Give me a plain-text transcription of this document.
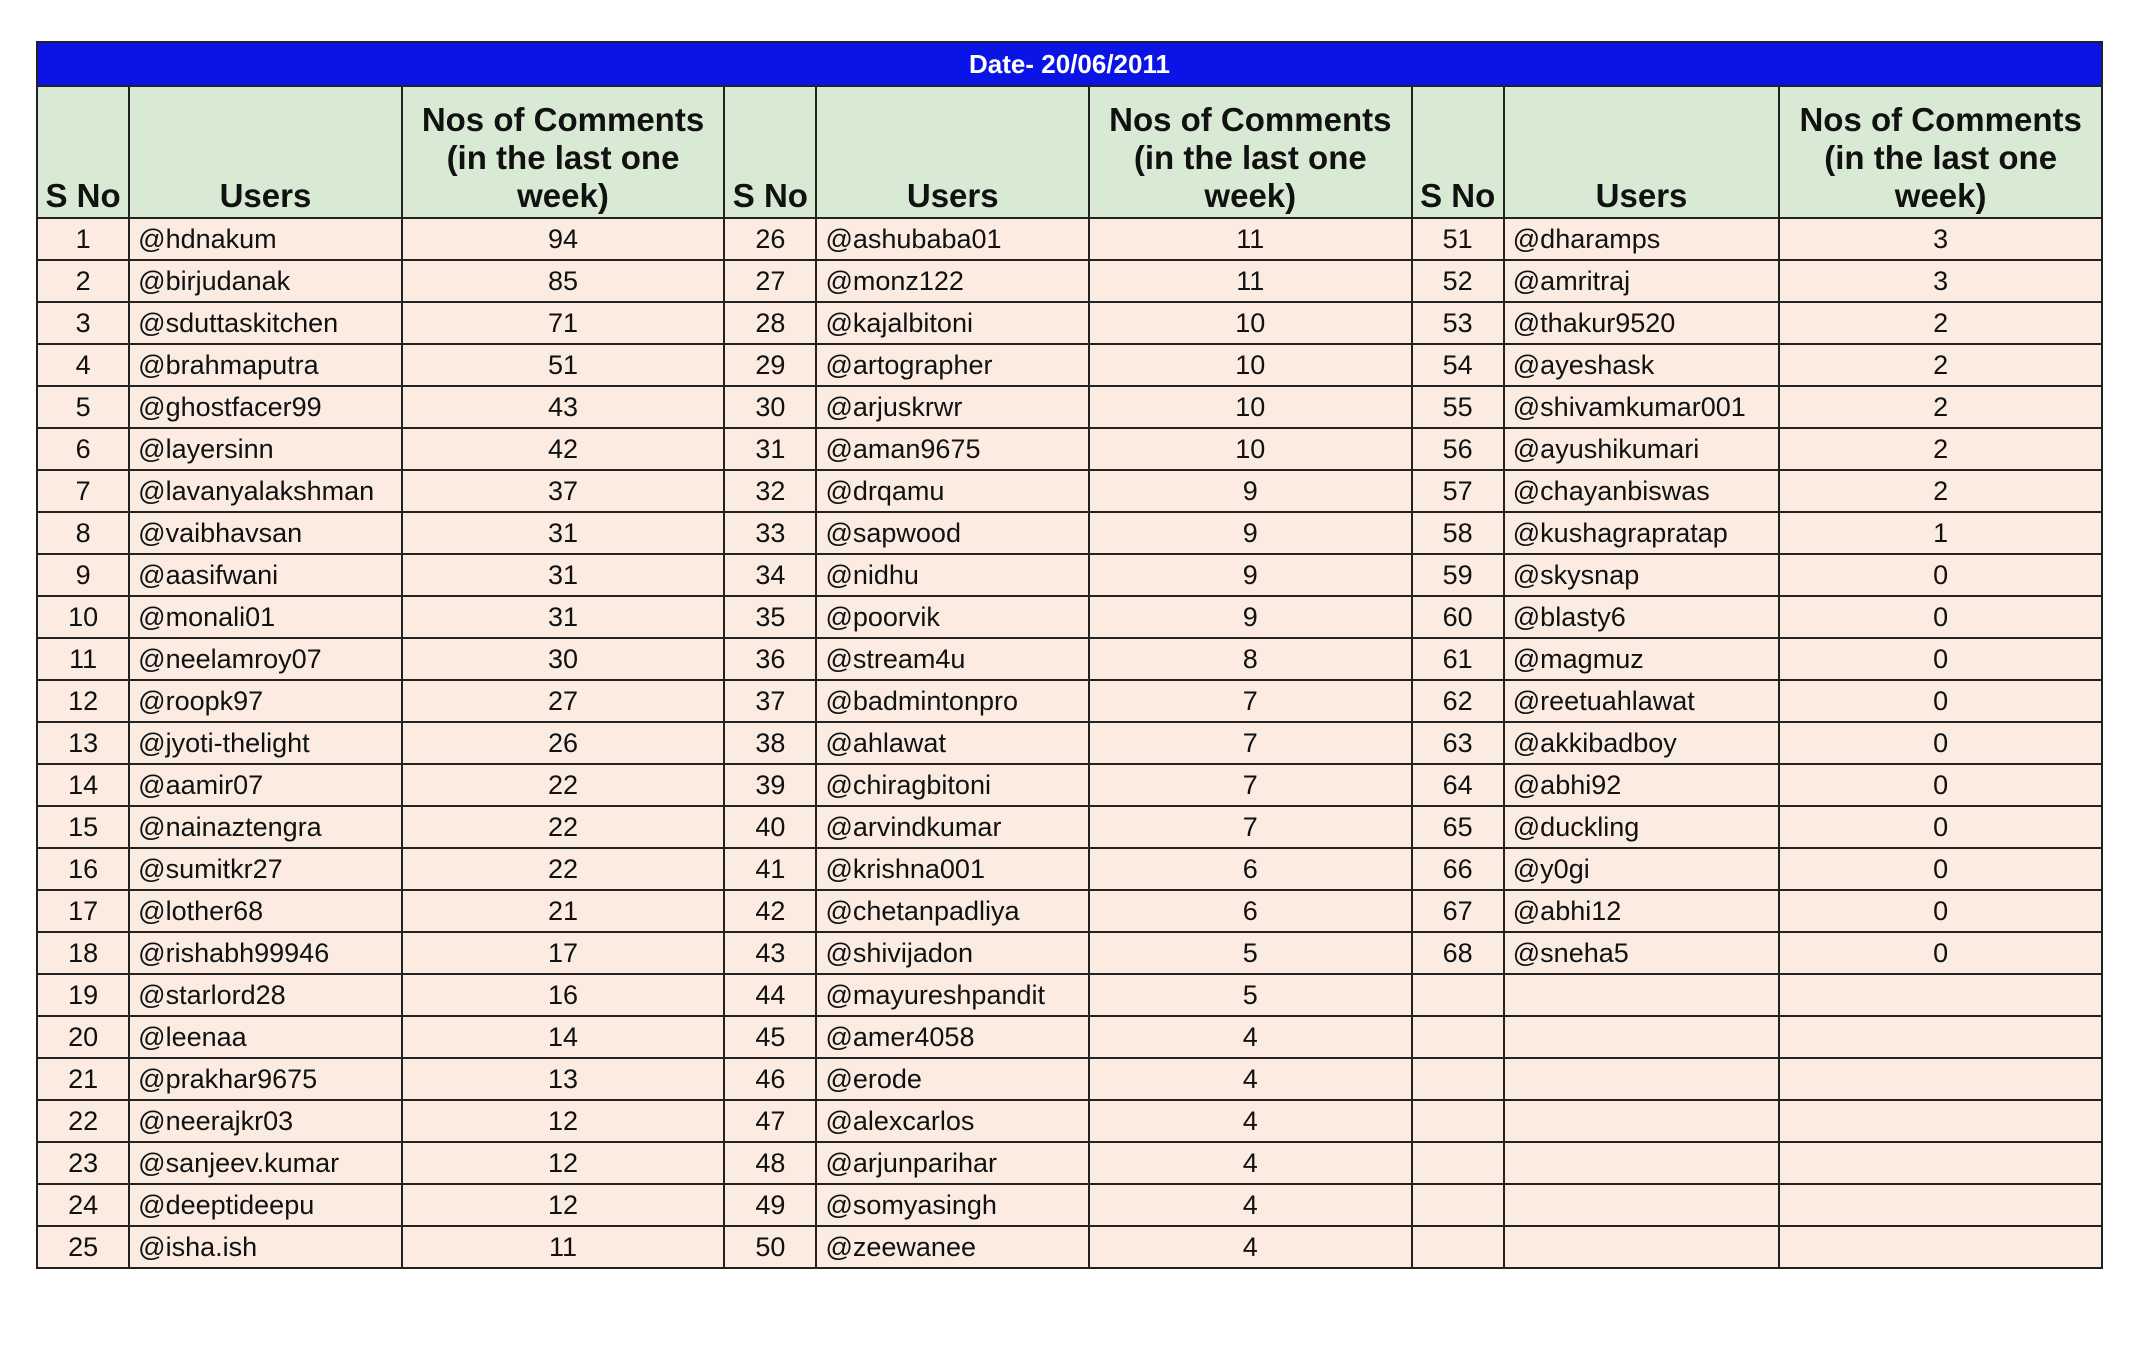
Date- 20/06/2011								
S No	Users	Nos of Comments (in the last one week)	S No	Users	Nos of Comments (in the last one week)	S No	Users	Nos of Comments (in the last one week)
1	@hdnakum	94	26	@ashubaba01	11	51	@dharamps	3
2	@birjudanak	85	27	@monz122	11	52	@amritraj	3
3	@sduttaskitchen	71	28	@kajalbitoni	10	53	@thakur9520	2
4	@brahmaputra	51	29	@artographer	10	54	@ayeshask	2
5	@ghostfacer99	43	30	@arjuskrwr	10	55	@shivamkumar001	2
6	@layersinn	42	31	@aman9675	10	56	@ayushikumari	2
7	@lavanyalakshman	37	32	@drqamu	9	57	@chayanbiswas	2
8	@vaibhavsan	31	33	@sapwood	9	58	@kushagrapratap	1
9	@aasifwani	31	34	@nidhu	9	59	@skysnap	0
10	@monali01	31	35	@poorvik	9	60	@blasty6	0
11	@neelamroy07	30	36	@stream4u	8	61	@magmuz	0
12	@roopk97	27	37	@badmintonpro	7	62	@reetuahlawat	0
13	@jyoti-thelight	26	38	@ahlawat	7	63	@akkibadboy	0
14	@aamir07	22	39	@chiragbitoni	7	64	@abhi92	0
15	@nainaztengra	22	40	@arvindkumar	7	65	@duckling	0
16	@sumitkr27	22	41	@krishna001	6	66	@y0gi	0
17	@lother68	21	42	@chetanpadliya	6	67	@abhi12	0
18	@rishabh99946	17	43	@shivijadon	5	68	@sneha5	0
19	@starlord28	16	44	@mayureshpandit	5			
20	@leenaa	14	45	@amer4058	4			
21	@prakhar9675	13	46	@erode	4			
22	@neerajkr03	12	47	@alexcarlos	4			
23	@sanjeev.kumar	12	48	@arjunparihar	4			
24	@deeptideepu	12	49	@somyasingh	4			
25	@isha.ish	11	50	@zeewanee	4			
